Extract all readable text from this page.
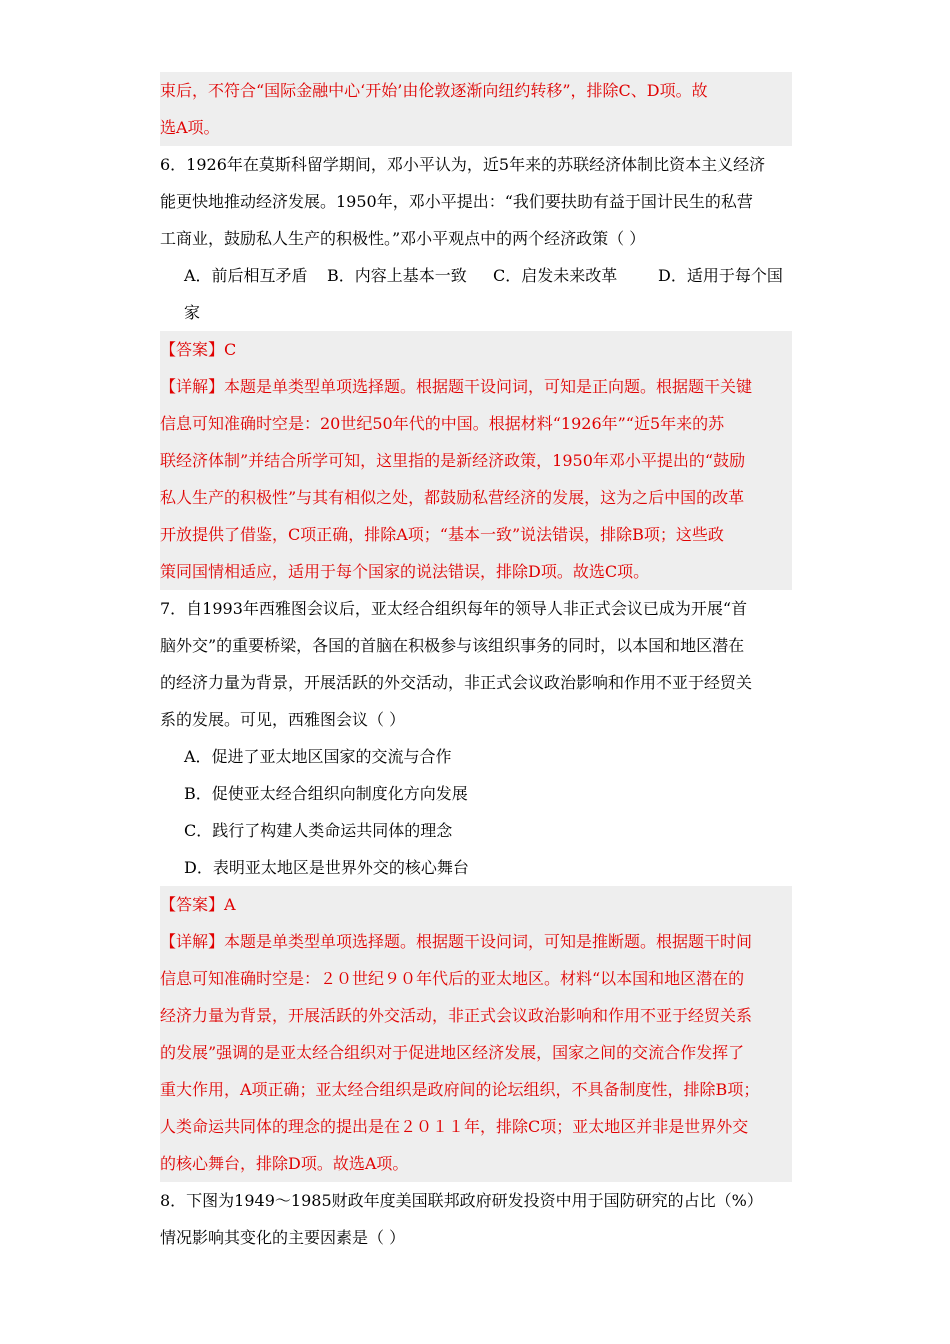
束后，不符合“国际金融中心‘开始’由伦敦逐渐向纽约转移”，排除C、D项。故
选A项。
6．1926年在莫斯科留学期间，邓小平认为，近5年来的苏联经济体制比资本主义经济
能更快地推动经济发展。1950年，邓小平提出：“我们要扶助有益于国计民生的私营
工商业，鼓励私人生产的积极性。”邓小平观点中的两个经济政策（ ）
A．前后相互矛盾	B．内容上基本一致	C．启发未来改革	D．适用于每个国
家
【答案】C
【详解】本题是单类型单项选择题。根据题干设问词，可知是正向题。根据题干关键
信息可知准确时空是：20世纪50年代的中国。根据材料“1926年”“近5年来的苏
联经济体制”并结合所学可知，这里指的是新经济政策，1950年邓小平提出的“鼓励
私人生产的积极性”与其有相似之处，都鼓励私营经济的发展，这为之后中国的改革
开放提供了借鉴，C项正确，排除A项；“基本一致”说法错误，排除B项；这些政
策同国情相适应，适用于每个国家的说法错误，排除D项。故选C项。
7．自1993年西雅图会议后，亚太经合组织每年的领导人非正式会议已成为开展“首
脑外交”的重要桥梁，各国的首脑在积极参与该组织事务的同时，以本国和地区潜在
的经济力量为背景，开展活跃的外交活动，非正式会议政治影响和作用不亚于经贸关
系的发展。可见，西雅图会议（ ）
A．促进了亚太地区国家的交流与合作
B．促使亚太经合组织向制度化方向发展
C．践行了构建人类命运共同体的理念
D．表明亚太地区是世界外交的核心舞台
【答案】A
【详解】本题是单类型单项选择题。根据题干设问词，可知是推断题。根据题干时间
信息可知准确时空是：２０世纪９０年代后的亚太地区。材料“以本国和地区潜在的
经济力量为背景，开展活跃的外交活动，非正式会议政治影响和作用不亚于经贸关系
的发展”强调的是亚太经合组织对于促进地区经济发展，国家之间的交流合作发挥了
重大作用，A项正确；亚太经合组织是政府间的论坛组织，不具备制度性，排除B项；
人类命运共同体的理念的提出是在２０１１年，排除C项；亚太地区并非是世界外交
的核心舞台，排除D项。故选A项。
8．下图为1949～1985财政年度美国联邦政府研发投资中用于国防研究的占比（%）
情况影响其变化的主要因素是（ ）
